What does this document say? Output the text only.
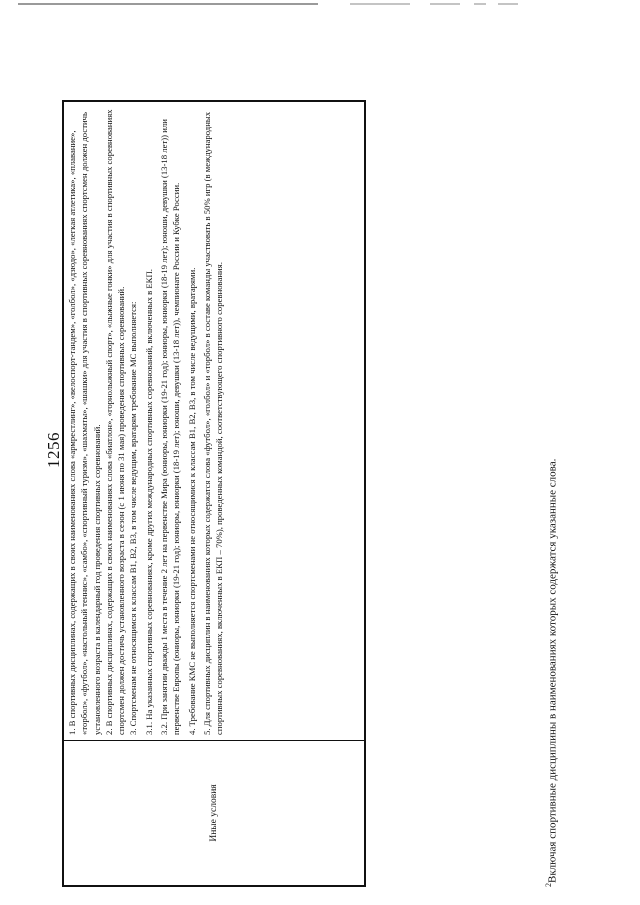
1256
Иные условия

1. В спортивных дисциплинах, содержащих в своих наименованиях слова «армрестлинг», «велоспорт-тандем», «голбол», «дзюдо», «легкая атлетика», «плавание», «торбол», «футбол», «настольный теннис», «самбо», «спортивный туризм», «шахматы», «шашки» для участия в спортивных соревнованиях спортсмен должен достичь установленного возраста в календарный год проведения спортивных соревнований. 2. В спортивных дисциплинах, содержащих в своих наименованиях слова «биатлон», «горнолыжный спорт», «лыжные гонки» для участия в спортивных соревнованиях спортсмен должен достичь установленного возраста в сезон (с 1 июня по 31 мая) проведения спортивных соревнований. 3. Спортсменам не относящимся к классам В1, В2, В3, в том числе ведущим, вратарям требование МС выполняется: 3.1. На указанных спортивных соревнованиях, кроме других международных спортивных соревнований, включенных в ЕКП. 3.2. При занятии дважды 1 места в течение 2 лет на первенстве Мира (юниоры, юниорки (19-21 год); юниоры, юниорки (18-19 лет); юноши, девушки (13-18 лет)) или первенстве Европы (юниоры, юниорки (19-21 год); юниоры, юниорки (18-19 лет); юноши, девушки (13-18 лет)), чемпионате России и Кубке России. 4. Требование КМС не выполняется спортсменами не относящимися к классам В1, В2, В3, в том числе ведущими, вратарями. 5. Для спортивных дисциплин в наименованиях которых содержатся слова «футбол», «голбол» и «торбол» в составе команды участвовать в 50% игр (в международных спортивных соревнованиях, включенных в ЕКП – 70%), проведенных командой, соответствующего спортивного соревнования.

$^2$Включая спортивные дисциплины в наименованиях которых содержатся указанные слова.
